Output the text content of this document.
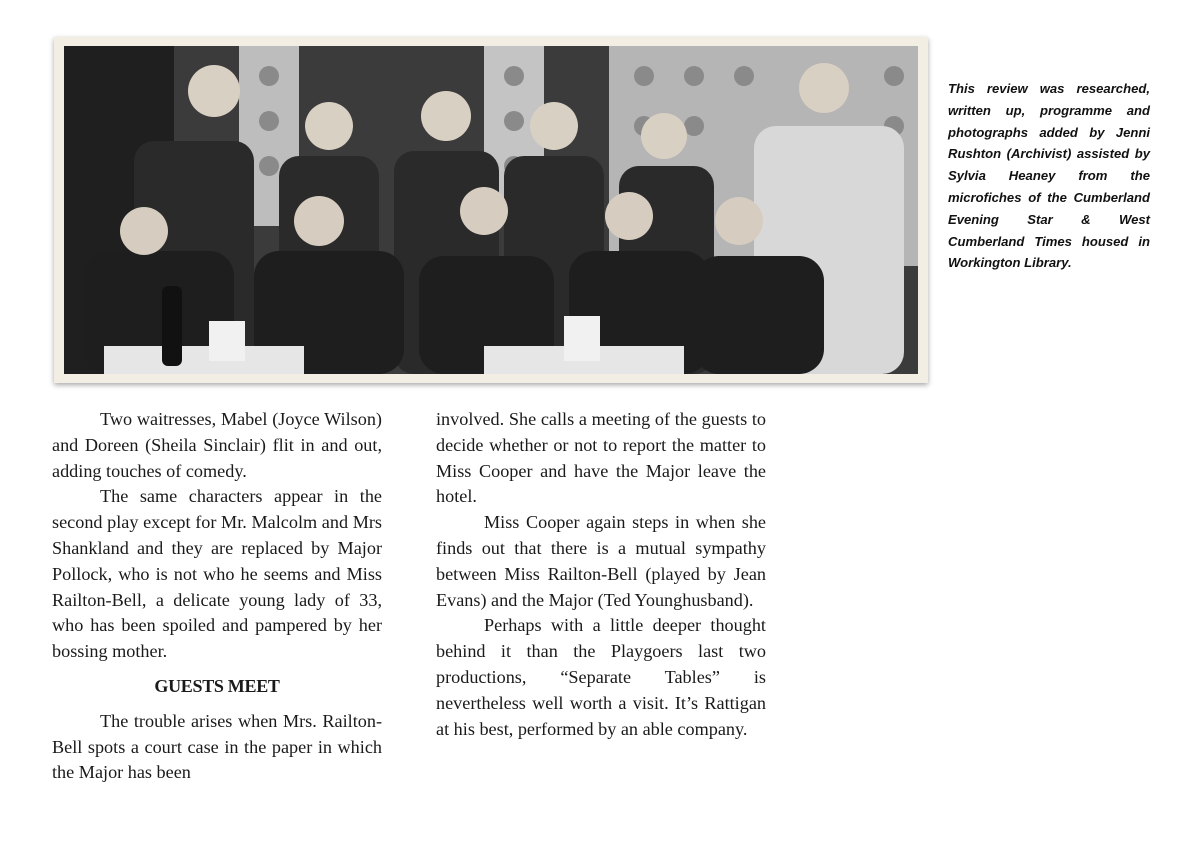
This review was researched, written up, programme and photographs added by Jenni Rushton (Archivist) assisted by Sylvia Heaney from the microfiches of the Cumberland Evening Star & West Cumberland Times housed in Workington Library.

Two waitresses, Mabel (Joyce Wilson) and Doreen (Sheila Sinclair) flit in and out, adding touches of comedy.

The same characters appear in the second play except for Mr. Malcolm and Mrs Shankland and they are replaced by Major Pollock, who is not who he seems and Miss Railton-Bell, a delicate young lady of 33, who has been spoiled and pampered by her bossing mother.

GUESTS MEET

The trouble arises when Mrs. Railton-Bell spots a court case in the paper in which the Major has been

involved. She calls a meeting of the guests to decide whether or not to report the matter to Miss Cooper and have the Major leave the hotel.

Miss Cooper again steps in when she finds out that there is a mutual sympathy between Miss Railton-Bell (played by Jean Evans) and the Major (Ted Younghusband).

Perhaps with a little deeper thought behind it than the Playgoers last two productions, “Separate Tables” is nevertheless well worth a visit. It’s Rattigan at his best, performed by an able company.
